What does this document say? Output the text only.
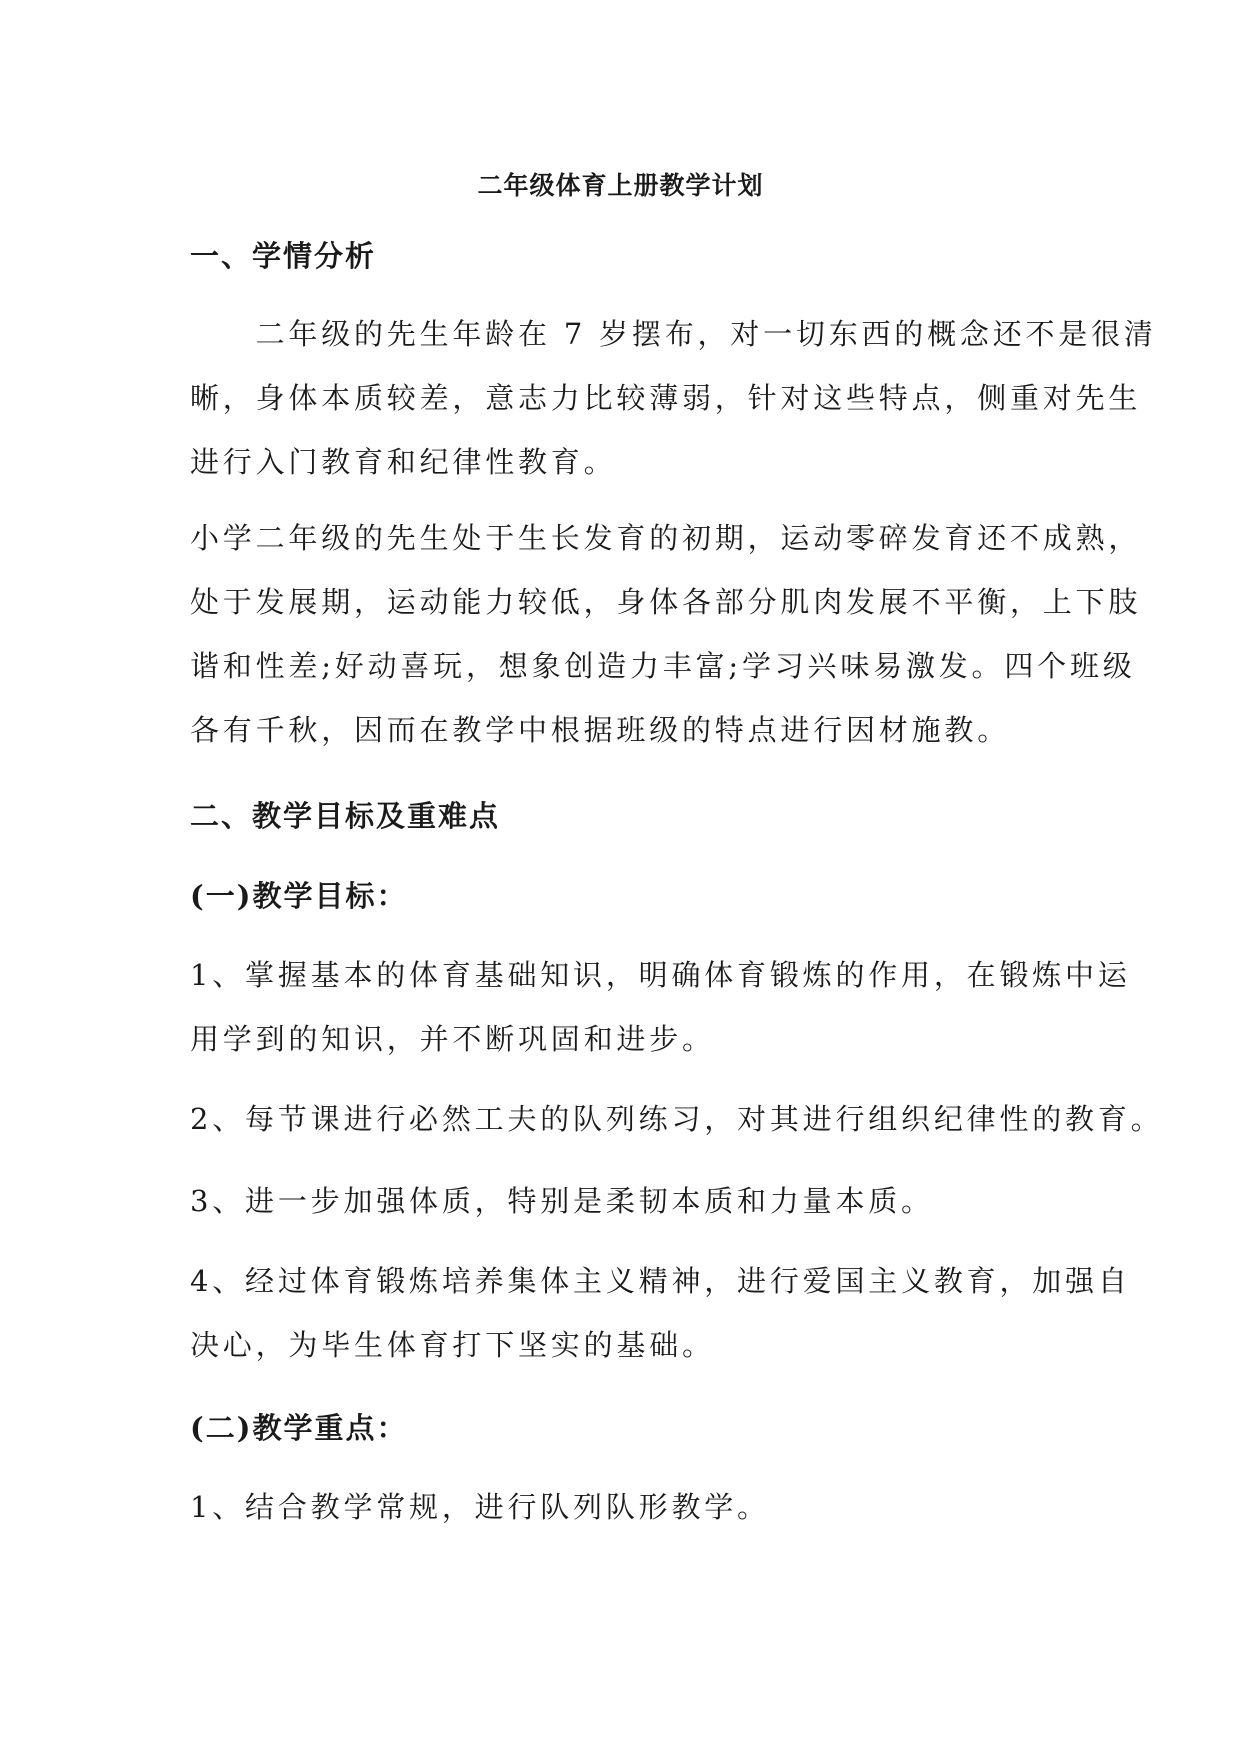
二年级体育上册教学计划
一、学情分析
　　二年级的先生年龄在 7 岁摆布，对一切东西的概念还不是很清
晰，身体本质较差，意志力比较薄弱，针对这些特点，侧重对先生
进行入门教育和纪律性教育。
小学二年级的先生处于生长发育的初期，运动零碎发育还不成熟，
处于发展期，运动能力较低，身体各部分肌肉发展不平衡，上下肢
谐和性差;好动喜玩，想象创造力丰富;学习兴味易激发。四个班级
各有千秋，因而在教学中根据班级的特点进行因材施教。
二、教学目标及重难点
(一)教学目标：
1、掌握基本的体育基础知识，明确体育锻炼的作用，在锻炼中运
用学到的知识，并不断巩固和进步。
2、每节课进行必然工夫的队列练习，对其进行组织纪律性的教育。
3、进一步加强体质，特别是柔韧本质和力量本质。
4、经过体育锻炼培养集体主义精神，进行爱国主义教育，加强自
决心，为毕生体育打下坚实的基础。
(二)教学重点：
1、结合教学常规，进行队列队形教学。
